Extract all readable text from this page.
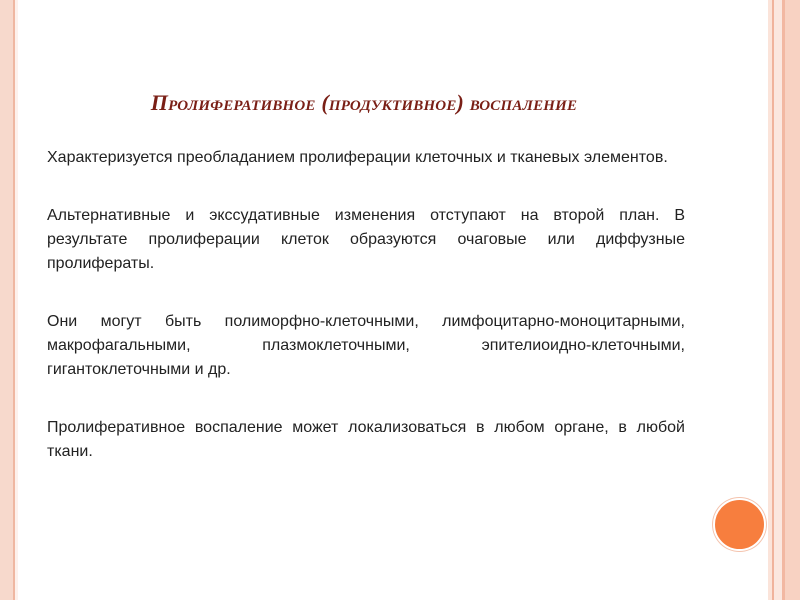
Пролиферативное (продуктивное) воспаление

Характеризуется преобладанием пролиферации клеточных и тканевых элементов.

Альтернативные и экссудативные изменения отступают на второй план. В результате пролиферации клеток образуются очаговые или диффузные пролифераты.

Они могут быть полиморфно-клеточными, лимфоцитарно-моноцитарными, макрофагальными, плазмоклеточными, эпителиоидно-клеточными, гигантоклеточными и др.

Пролиферативное воспаление может локализоваться в любом органе, в любой ткани.
